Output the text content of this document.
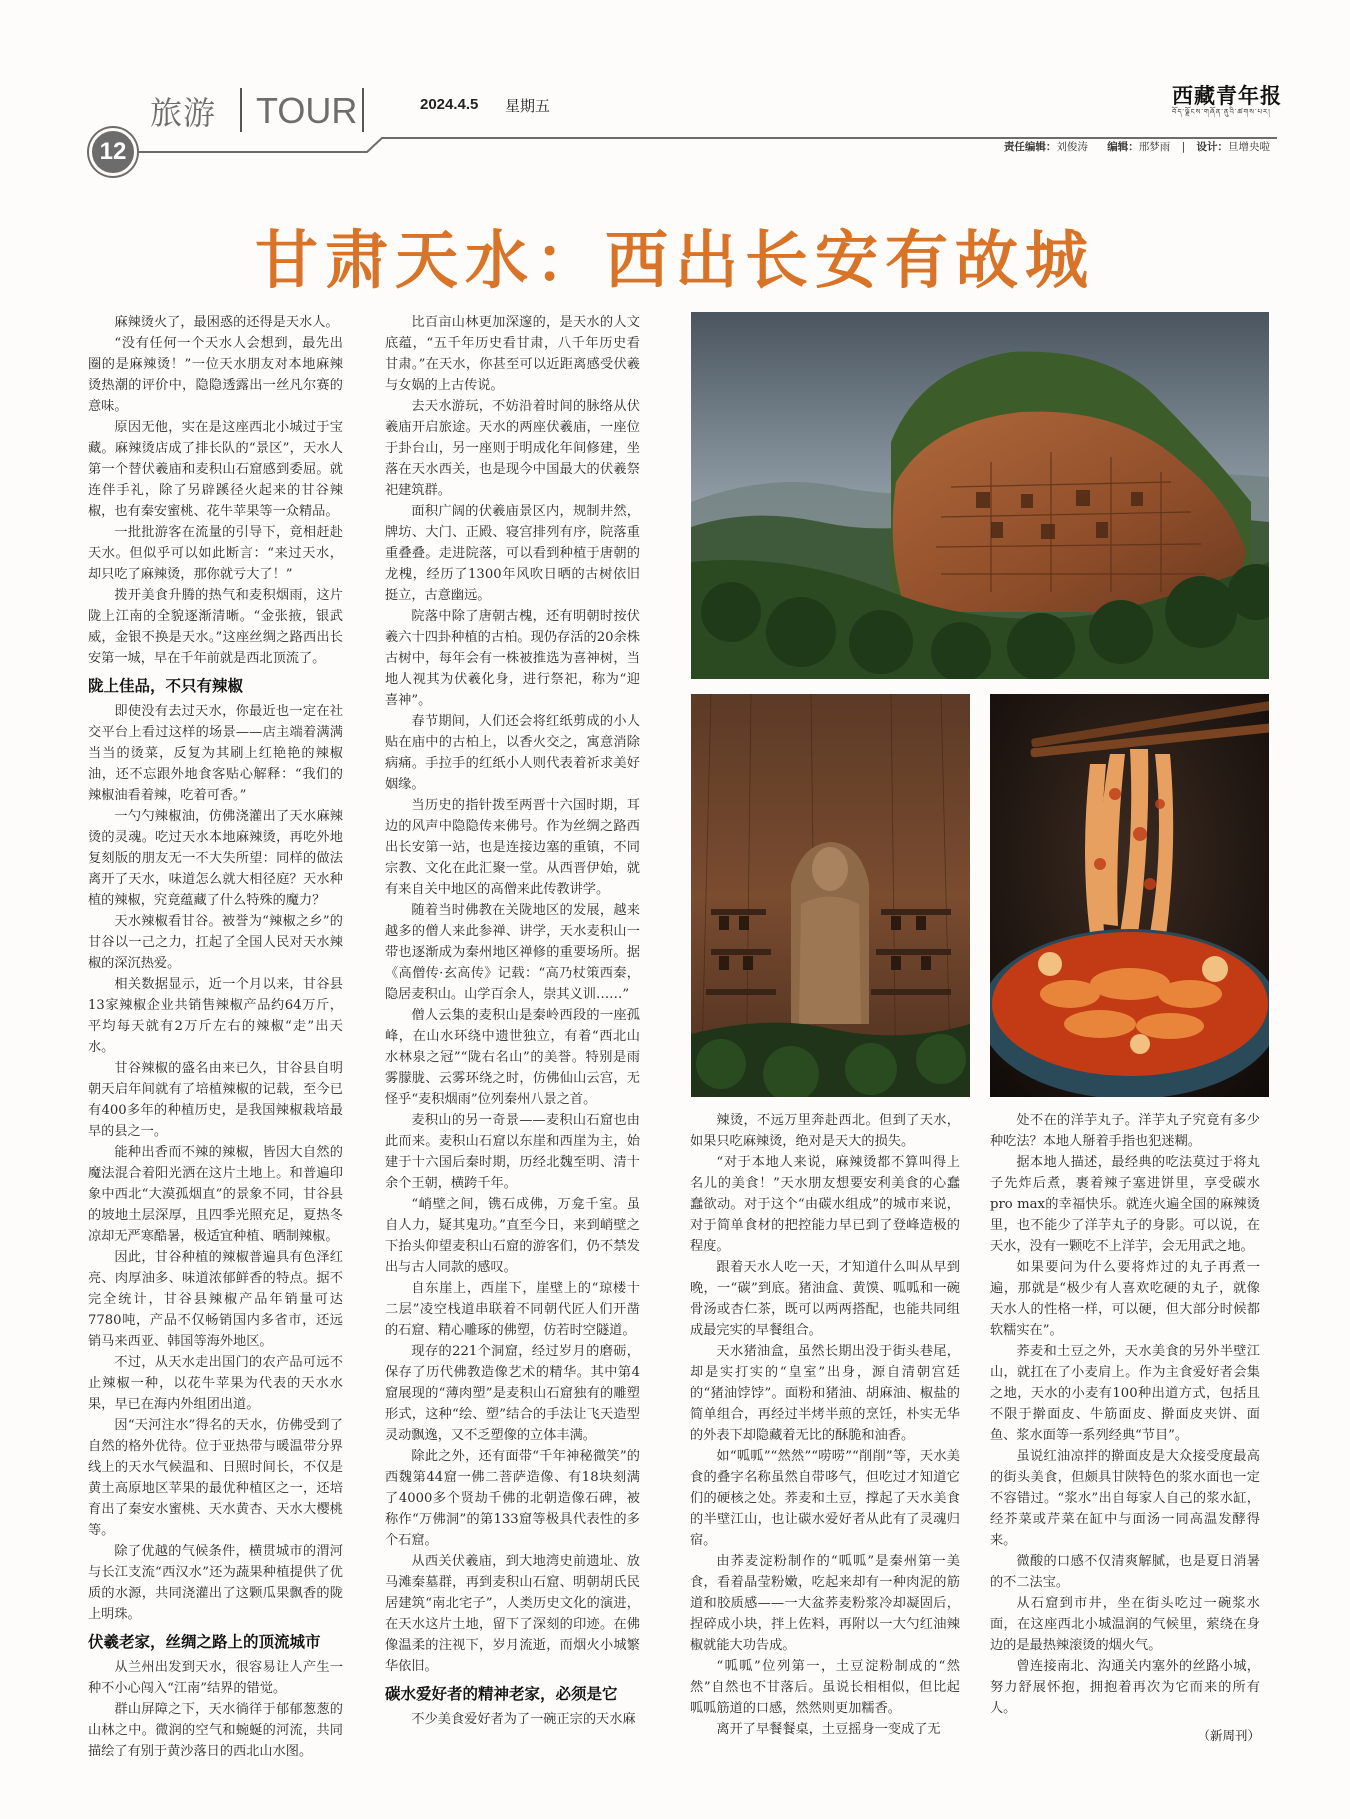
旅游 TOUR	2024.4.5 星期五	西藏青年报
བོད་ལྗོངས་གཞོན་ནུའི་ཚགས་པར།
12	责任编辑：刘俊涛 编辑：邢梦雨 | 设计：旦增央啦
甘肃天水：西出长安有故城

麻辣烫火了，最困惑的还得是天水人。

“没有任何一个天水人会想到，最先出圈的是麻辣烫！”一位天水朋友对本地麻辣烫热潮的评价中，隐隐透露出一丝凡尔赛的意味。

原因无他，实在是这座西北小城过于宝藏。麻辣烫店成了排长队的“景区”，天水人第一个替伏羲庙和麦积山石窟感到委屈。就连伴手礼，除了另辟蹊径火起来的甘谷辣椒，也有秦安蜜桃、花牛苹果等一众精品。

一批批游客在流量的引导下，竟相赶赴天水。但似乎可以如此断言：“来过天水，却只吃了麻辣烫，那你就亏大了！”

拨开美食升腾的热气和麦积烟雨，这片陇上江南的全貌逐渐清晰。“金张掖，银武威，金银不换是天水。”这座丝绸之路西出长安第一城，早在千年前就是西北顶流了。

陇上佳品，不只有辣椒

即使没有去过天水，你最近也一定在社交平台上看过这样的场景——店主端着满满当当的烫菜，反复为其刷上红艳艳的辣椒油，还不忘跟外地食客贴心解释：“我们的辣椒油看着辣，吃着可香。”

一勺勺辣椒油，仿佛浇灌出了天水麻辣烫的灵魂。吃过天水本地麻辣烫，再吃外地复刻版的朋友无一不大失所望：同样的做法离开了天水，味道怎么就大相径庭？天水种植的辣椒，究竟蕴藏了什么特殊的魔力？

天水辣椒看甘谷。被誉为“辣椒之乡”的甘谷以一己之力，扛起了全国人民对天水辣椒的深沉热爱。

相关数据显示，近一个月以来，甘谷县13家辣椒企业共销售辣椒产品约64万斤，平均每天就有2万斤左右的辣椒“走”出天水。

甘谷辣椒的盛名由来已久，甘谷县自明朝天启年间就有了培植辣椒的记载，至今已有400多年的种植历史，是我国辣椒栽培最早的县之一。

能种出香而不辣的辣椒，皆因大自然的魔法混合着阳光洒在这片土地上。和普遍印象中西北“大漠孤烟直”的景象不同，甘谷县的坡地土层深厚，且四季光照充足，夏热冬凉却无严寒酷暑，极适宜种植、晒制辣椒。

因此，甘谷种植的辣椒普遍具有色泽红亮、肉厚油多、味道浓郁鲜香的特点。据不完全统计，甘谷县辣椒产品年销量可达7780吨，产品不仅畅销国内多省市，还远销马来西亚、韩国等海外地区。

不过，从天水走出国门的农产品可远不止辣椒一种，以花牛苹果为代表的天水水果，早已在海内外组团出道。

因“天河注水”得名的天水，仿佛受到了自然的格外优待。位于亚热带与暖温带分界线上的天水气候温和、日照时间长，不仅是黄土高原地区苹果的最优种植区之一，还培育出了秦安水蜜桃、天水黄杏、天水大樱桃等。

除了优越的气候条件，横贯城市的渭河与长江支流“西汉水”还为蔬果种植提供了优质的水源，共同浇灌出了这颗瓜果飘香的陇上明珠。

伏羲老家，丝绸之路上的顶流城市

从兰州出发到天水，很容易让人产生一种不小心闯入“江南”结界的错觉。

群山屏障之下，天水徜徉于郁郁葱葱的山林之中。微润的空气和蜿蜒的河流，共同描绘了有别于黄沙落日的西北山水图。

比百亩山林更加深邃的，是天水的人文底蕴，“五千年历史看甘肃，八千年历史看甘肃。”在天水，你甚至可以近距离感受伏羲与女娲的上古传说。

去天水游玩，不妨沿着时间的脉络从伏羲庙开启旅途。天水的两座伏羲庙，一座位于卦台山，另一座则于明成化年间修建，坐落在天水西关，也是现今中国最大的伏羲祭祀建筑群。

面积广阔的伏羲庙景区内，规制井然，牌坊、大门、正殿、寝宫排列有序，院落重重叠叠。走进院落，可以看到种植于唐朝的龙槐，经历了1300年风吹日晒的古树依旧挺立，古意幽远。

院落中除了唐朝古槐，还有明朝时按伏羲六十四卦种植的古柏。现仍存活的20余株古树中，每年会有一株被推选为喜神树，当地人视其为伏羲化身，进行祭祀，称为“迎喜神”。

春节期间，人们还会将红纸剪成的小人贴在庙中的古柏上，以香火交之，寓意消除病痛。手拉手的红纸小人则代表着祈求美好姻缘。

当历史的指针拨至两晋十六国时期，耳边的风声中隐隐传来佛号。作为丝绸之路西出长安第一站，也是连接边塞的重镇，不同宗教、文化在此汇聚一堂。从西晋伊始，就有来自关中地区的高僧来此传教讲学。

随着当时佛教在关陇地区的发展，越来越多的僧人来此参禅、讲学，天水麦积山一带也逐渐成为秦州地区禅修的重要场所。据《高僧传·玄高传》记载：“高乃杖策西秦，隐居麦积山。山学百余人，崇其义训……”

僧人云集的麦积山是秦岭西段的一座孤峰，在山水环绕中遗世独立，有着“西北山水林泉之冠”“陇右名山”的美誉。特别是雨雾朦胧、云雾环绕之时，仿佛仙山云宫，无怪乎“麦积烟雨”位列秦州八景之首。

麦积山的另一奇景——麦积山石窟也由此而来。麦积山石窟以东崖和西崖为主，始建于十六国后秦时期，历经北魏至明、清十余个王朝，横跨千年。

“峭壁之间，镌石成佛，万龛千室。虽自人力，疑其鬼功。”直至今日，来到峭壁之下抬头仰望麦积山石窟的游客们，仍不禁发出与古人同款的感叹。

自东崖上，西崖下，崖壁上的“琼楼十二层”凌空栈道串联着不同朝代匠人们开凿的石窟、精心雕琢的佛塑，仿若时空隧道。

现存的221个洞窟，经过岁月的磨砺，保存了历代佛教造像艺术的精华。其中第4窟展现的“薄肉塑”是麦积山石窟独有的雕塑形式，这种“绘、塑”结合的手法让飞天造型灵动飘逸，又不乏塑像的立体丰满。

除此之外，还有面带“千年神秘微笑”的西魏第44窟一佛二菩萨造像、有18块刻满了4000多个贤劫千佛的北朝造像石碑，被称作“万佛洞”的第133窟等极具代表性的多个石窟。

从西关伏羲庙，到大地湾史前遗址、放马滩秦墓群，再到麦积山石窟、明朝胡氏民居建筑“南北宅子”，人类历史文化的演进，在天水这片土地，留下了深刻的印迹。在佛像温柔的注视下，岁月流逝，而烟火小城繁华依旧。

碳水爱好者的精神老家，必须是它

不少美食爱好者为了一碗正宗的天水麻

辣烫，不远万里奔赴西北。但到了天水，如果只吃麻辣烫，绝对是天大的损失。

“对于本地人来说，麻辣烫都不算叫得上名儿的美食！”天水朋友想要安利美食的心蠢蠢欲动。对于这个“由碳水组成”的城市来说，对于简单食材的把控能力早已到了登峰造极的程度。

跟着天水人吃一天，才知道什么叫从早到晚，一“碳”到底。猪油盒、黄馍、呱呱和一碗骨汤或杏仁茶，既可以两两搭配，也能共同组成最完实的早餐组合。

天水猪油盒，虽然长期出没于街头巷尾，却是实打实的“皇室”出身，源自清朝宫廷的“猪油饽饽”。面粉和猪油、胡麻油、椒盐的简单组合，再经过半烤半煎的烹饪，朴实无华的外表下却隐藏着无比的酥脆和油香。

如“呱呱”“然然”“唠唠”“削削”等，天水美食的叠字名称虽然自带哆气，但吃过才知道它们的硬核之处。荞麦和土豆，撑起了天水美食的半壁江山，也让碳水爱好者从此有了灵魂归宿。

由荞麦淀粉制作的“呱呱”是秦州第一美食，看着晶莹粉嫩，吃起来却有一种肉泥的筋道和胶质感——一大盆荞麦粉浆冷却凝固后，捏碎成小块，拌上佐料，再附以一大勺红油辣椒就能大功告成。

“呱呱”位列第一，土豆淀粉制成的“然然”自然也不甘落后。虽说长相相似，但比起呱呱筋道的口感，然然则更加糯香。

离开了早餐餐桌，土豆摇身一变成了无

处不在的洋芋丸子。洋芋丸子究竟有多少种吃法？本地人掰着手指也犯迷糊。

据本地人描述，最经典的吃法莫过于将丸子先炸后煮，裹着辣子塞进饼里，享受碳水pro max的幸福快乐。就连火遍全国的麻辣烫里，也不能少了洋芋丸子的身影。可以说，在天水，没有一颗吃不上洋芋，会无用武之地。

如果要问为什么要将炸过的丸子再煮一遍，那就是“极少有人喜欢吃硬的丸子，就像天水人的性格一样，可以硬，但大部分时候都软糯实在”。

荞麦和土豆之外，天水美食的另外半壁江山，就扛在了小麦肩上。作为主食爱好者会集之地，天水的小麦有100种出道方式，包括且不限于擀面皮、牛筋面皮、擀面皮夹饼、面鱼、浆水面等一系列经典“节目”。

虽说红油凉拌的擀面皮是大众接受度最高的街头美食，但颇具甘陕特色的浆水面也一定不容错过。“浆水”出自每家人自己的浆水缸，经芥菜或芹菜在缸中与面汤一同高温发酵得来。

微酸的口感不仅清爽解腻，也是夏日消暑的不二法宝。

从石窟到市井，坐在街头吃过一碗浆水面，在这座西北小城温润的气候里，萦绕在身边的是最热辣滚烫的烟火气。

曾连接南北、沟通关内塞外的丝路小城，努力舒展怀抱，拥抱着再次为它而来的所有人。

（新周刊）
